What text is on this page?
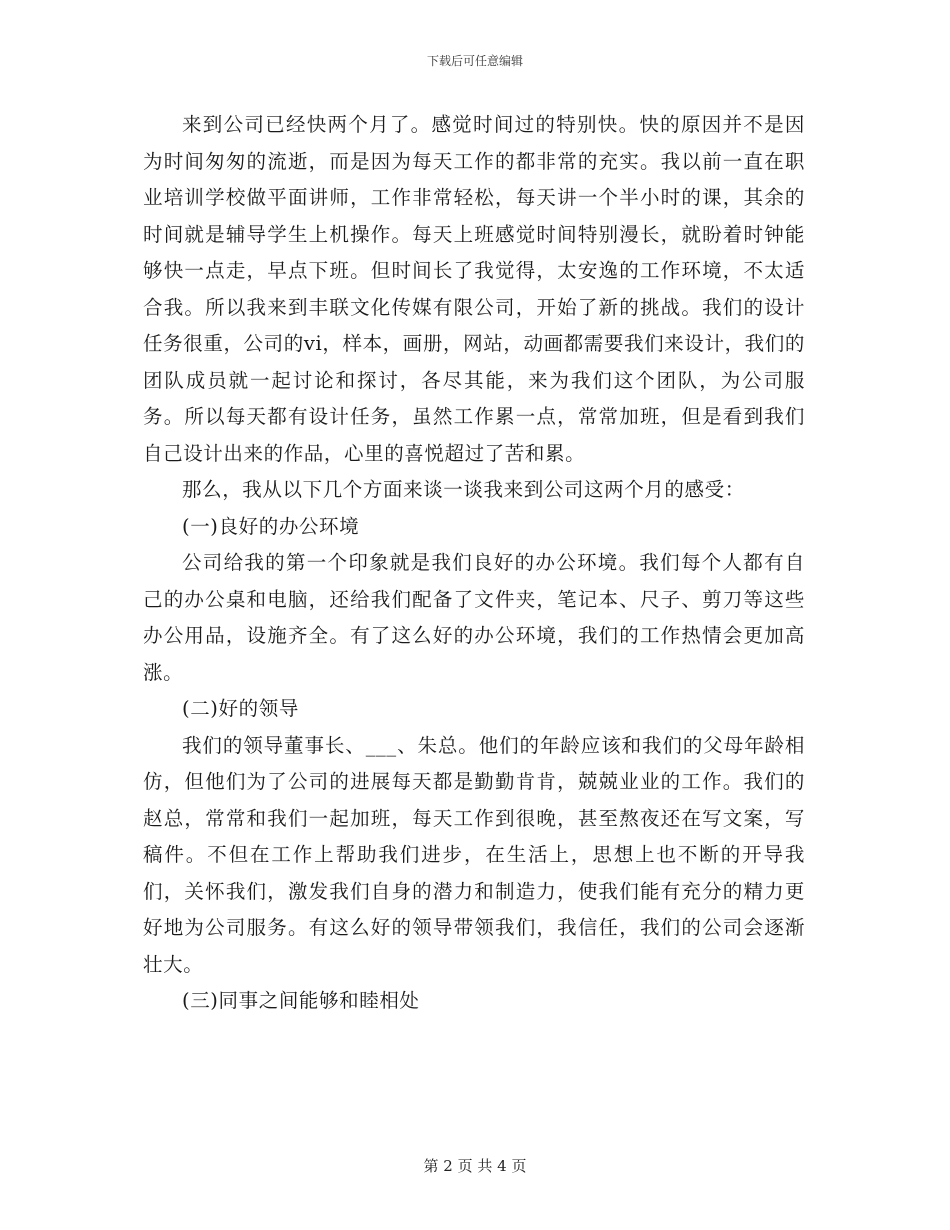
下载后可任意编辑

来到公司已经快两个月了。感觉时间过的特别快。快的原因并不是因为时间匆匆的流逝，而是因为每天工作的都非常的充实。我以前一直在职业培训学校做平面讲师，工作非常轻松，每天讲一个半小时的课，其余的时间就是辅导学生上机操作。每天上班感觉时间特别漫长，就盼着时钟能够快一点走，早点下班。但时间长了我觉得，太安逸的工作环境，不太适合我。所以我来到丰联文化传媒有限公司，开始了新的挑战。我们的设计任务很重，公司的vi，样本，画册，网站，动画都需要我们来设计，我们的团队成员就一起讨论和探讨，各尽其能，来为我们这个团队，为公司服务。所以每天都有设计任务，虽然工作累一点，常常加班，但是看到我们自己设计出来的作品，心里的喜悦超过了苦和累。

那么，我从以下几个方面来谈一谈我来到公司这两个月的感受：

(一)良好的办公环境

公司给我的第一个印象就是我们良好的办公环境。我们每个人都有自己的办公桌和电脑，还给我们配备了文件夹，笔记本、尺子、剪刀等这些办公用品，设施齐全。有了这么好的办公环境，我们的工作热情会更加高涨。

(二)好的领导

我们的领导董事长、___、朱总。他们的年龄应该和我们的父母年龄相仿，但他们为了公司的进展每天都是勤勤肯肯，兢兢业业的工作。我们的赵总，常常和我们一起加班，每天工作到很晚，甚至熬夜还在写文案，写稿件。不但在工作上帮助我们进步，在生活上，思想上也不断的开导我们，关怀我们，激发我们自身的潜力和制造力，使我们能有充分的精力更好地为公司服务。有这么好的领导带领我们，我信任，我们的公司会逐渐壮大。

(三)同事之间能够和睦相处

第 2 页 共 4 页
